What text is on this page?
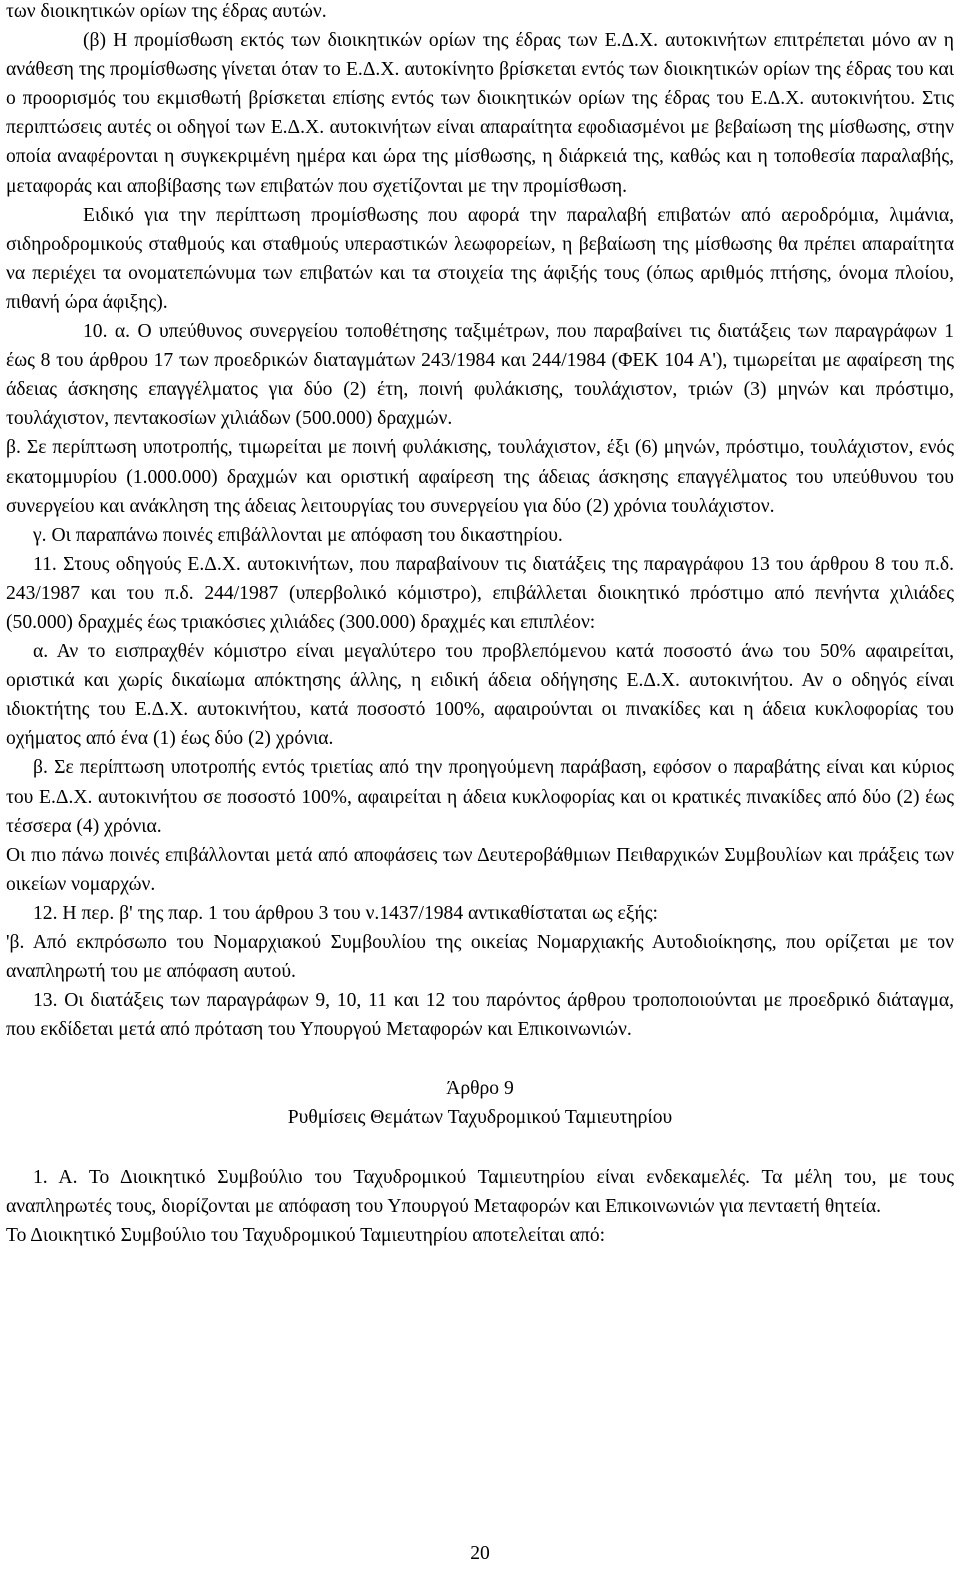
των διοικητικών ορίων της έδρας αυτών.

(β) Η προμίσθωση εκτός των διοικητικών ορίων της έδρας των Ε.Δ.Χ. αυτοκινήτων επιτρέπεται μόνο αν η ανάθεση της προμίσθωσης γίνεται όταν το Ε.Δ.Χ. αυτοκίνητο βρίσκεται εντός των διοικητικών ορίων της έδρας του και ο προορισμός του εκμισθωτή βρίσκεται επίσης εντός των διοικητικών ορίων της έδρας του Ε.Δ.Χ. αυτοκινήτου. Στις περιπτώσεις αυτές οι οδηγοί των Ε.Δ.Χ. αυτοκινήτων είναι απαραίτητα εφοδιασμένοι με βεβαίωση της μίσθωσης, στην οποία αναφέρονται η συγκεκριμένη ημέρα και ώρα της μίσθωσης, η διάρκειά της, καθώς και η τοποθεσία παραλαβής, μεταφοράς και αποβίβασης των επιβατών που σχετίζονται με την προμίσθωση.

Ειδικό για την περίπτωση προμίσθωσης που αφορά την παραλαβή επιβατών από αεροδρόμια, λιμάνια, σιδηροδρομικούς σταθμούς και σταθμούς υπεραστικών λεωφορείων, η βεβαίωση της μίσθωσης θα πρέπει απαραίτητα να περιέχει τα ονοματεπώνυμα των επιβατών και τα στοιχεία της άφιξής τους (όπως αριθμός πτήσης, όνομα πλοίου, πιθανή ώρα άφιξης).

10. α. Ο υπεύθυνος συνεργείου τοποθέτησης ταξιμέτρων, που παραβαίνει τις διατάξεις των παραγράφων 1 έως 8 του άρθρου 17 των προεδρικών διαταγμάτων 243/1984 και 244/1984 (ΦΕΚ 104 Α'), τιμωρείται με αφαίρεση της άδειας άσκησης επαγγέλματος για δύο (2) έτη, ποινή φυλάκισης, τουλάχιστον, τριών (3) μηνών και πρόστιμο, τουλάχιστον, πεντακοσίων χιλιάδων (500.000) δραχμών.

β. Σε περίπτωση υποτροπής, τιμωρείται με ποινή φυλάκισης, τουλάχιστον, έξι (6) μηνών, πρόστιμο, τουλάχιστον, ενός εκατομμυρίου (1.000.000) δραχμών και οριστική αφαίρεση της άδειας άσκησης επαγγέλματος του υπεύθυνου του συνεργείου και ανάκληση της άδειας λειτουργίας του συνεργείου για δύο (2) χρόνια τουλάχιστον.

γ. Οι παραπάνω ποινές επιβάλλονται με απόφαση του δικαστηρίου.

11. Στους οδηγούς Ε.Δ.Χ. αυτοκινήτων, που παραβαίνουν τις διατάξεις της παραγράφου 13 του άρθρου 8 του π.δ. 243/1987 και του π.δ. 244/1987 (υπερβολικό κόμιστρο), επιβάλλεται διοικητικό πρόστιμο από πενήντα χιλιάδες (50.000) δραχμές έως τριακόσιες χιλιάδες (300.000) δραχμές και επιπλέον:

α. Αν το εισπραχθέν κόμιστρο είναι μεγαλύτερο του προβλεπόμενου κατά ποσοστό άνω του 50% αφαιρείται, οριστικά και χωρίς δικαίωμα απόκτησης άλλης, η ειδική άδεια οδήγησης Ε.Δ.Χ. αυτοκινήτου. Αν ο οδηγός είναι ιδιοκτήτης του Ε.Δ.Χ. αυτοκινήτου, κατά ποσοστό 100%, αφαιρούνται οι πινακίδες και η άδεια κυκλοφορίας του οχήματος από ένα (1) έως δύο (2) χρόνια.

β. Σε περίπτωση υποτροπής εντός τριετίας από την προηγούμενη παράβαση, εφόσον ο παραβάτης είναι και κύριος του Ε.Δ.Χ. αυτοκινήτου σε ποσοστό 100%, αφαιρείται η άδεια κυκλοφορίας και οι κρατικές πινακίδες από δύο (2) έως τέσσερα (4) χρόνια.

Οι πιο πάνω ποινές επιβάλλονται μετά από αποφάσεις των Δευτεροβάθμιων Πειθαρχικών Συμβουλίων και πράξεις των οικείων νομαρχών.

12. Η περ. β' της παρ. 1 του άρθρου 3 του ν.1437/1984 αντικαθίσταται ως εξής:

'β. Από εκπρόσωπο του Νομαρχιακού Συμβουλίου της οικείας Νομαρχιακής Αυτοδιοίκησης, που ορίζεται με τον αναπληρωτή του με απόφαση αυτού.

13. Οι διατάξεις των παραγράφων 9, 10, 11 και 12 του παρόντος άρθρου τροποποιούνται με προεδρικό διάταγμα, που εκδίδεται μετά από πρόταση του Υπουργού Μεταφορών και Επικοινωνιών.

Άρθρο 9

Ρυθμίσεις Θεμάτων Ταχυδρομικού Ταμιευτηρίου

1. Α. Το Διοικητικό Συμβούλιο του Ταχυδρομικού Ταμιευτηρίου είναι ενδεκαμελές. Τα μέλη του, με τους αναπληρωτές τους, διορίζονται με απόφαση του Υπουργού Μεταφορών και Επικοινωνιών για πενταετή θητεία.

Το Διοικητικό Συμβούλιο του Ταχυδρομικού Ταμιευτηρίου αποτελείται από:

20
